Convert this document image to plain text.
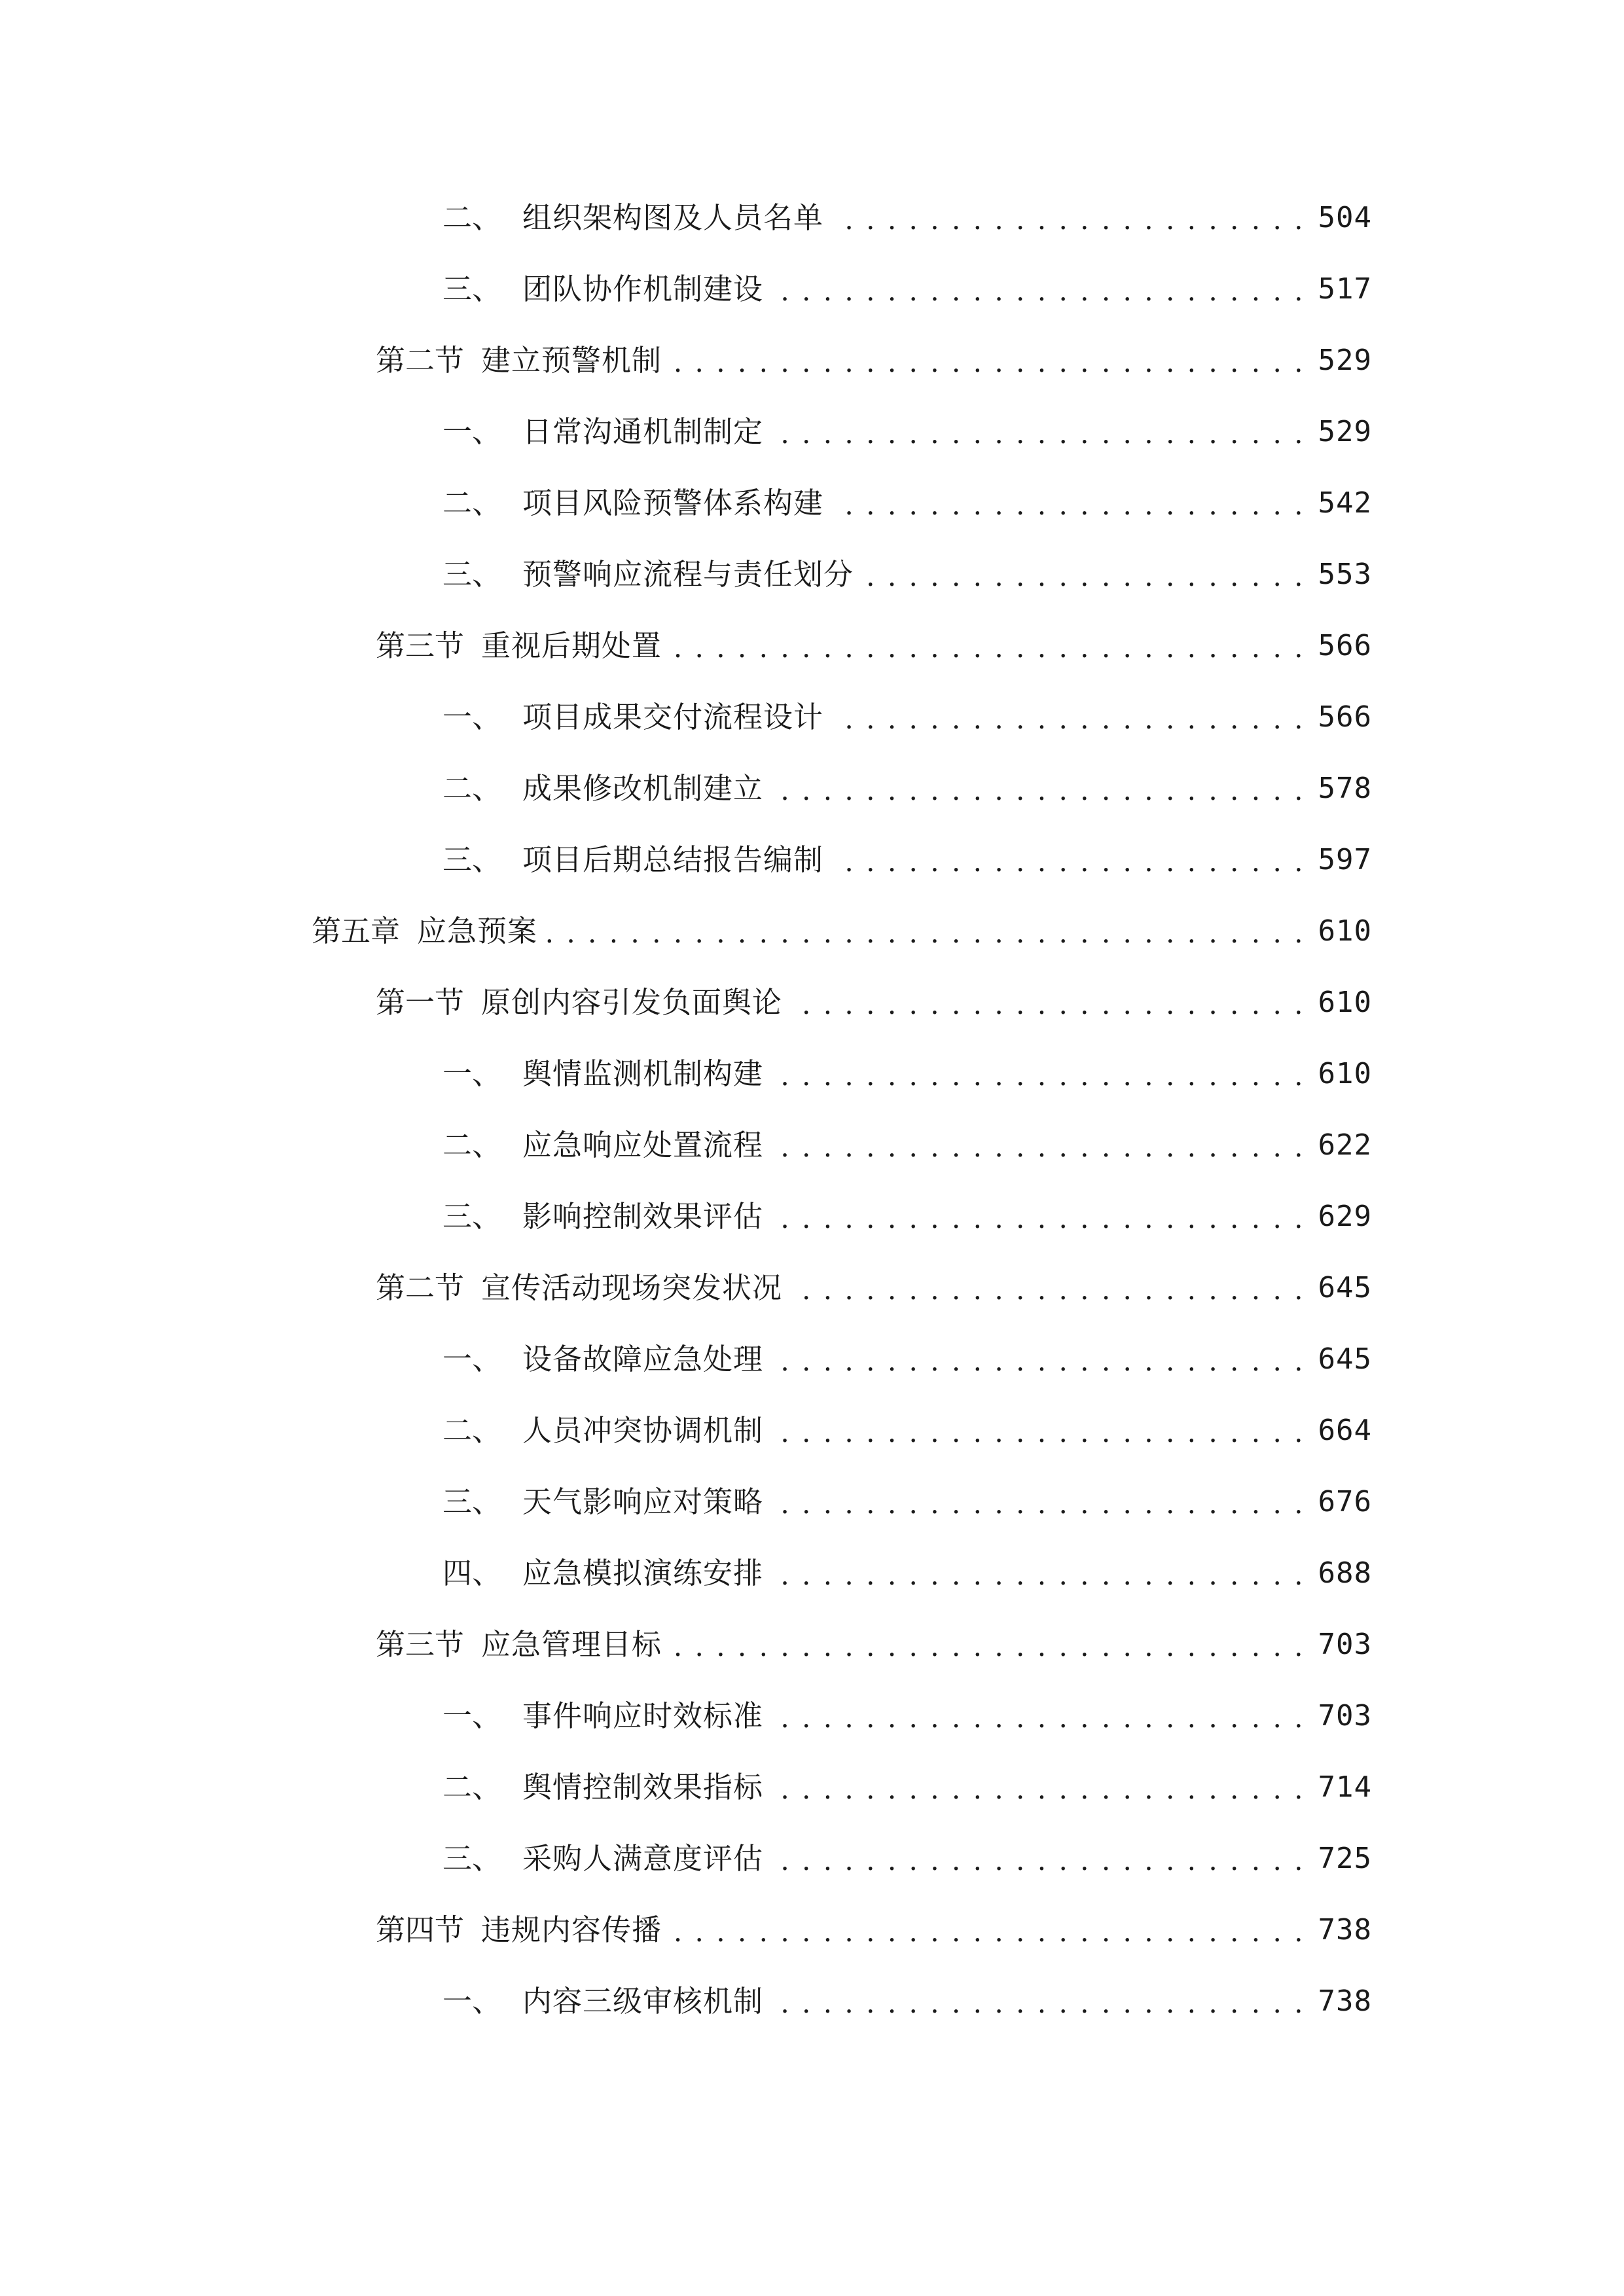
二、 组织架构图及人员名单 . . .	504
三、 团队协作机制建设 . . .	517
第二节 建立预警机制 . . .	529
一、 日常沟通机制制定 . . .	529
二、 项目风险预警体系构建 . . .	542
三、 预警响应流程与责任划分 . . .	553
第三节 重视后期处置 . . .	566
一、 项目成果交付流程设计 . . .	566
二、 成果修改机制建立 . . .	578
三、 项目后期总结报告编制 . . .	597
第五章 应急预案 . . .	610
第一节 原创内容引发负面舆论 . . .	610
一、 舆情监测机制构建 . . .	610
二、 应急响应处置流程 . . .	622
三、 影响控制效果评估 . . .	629
第二节 宣传活动现场突发状况 . . .	645
一、 设备故障应急处理 . . .	645
二、 人员冲突协调机制 . . .	664
三、 天气影响应对策略 . . .	676
四、 应急模拟演练安排 . . .	688
第三节 应急管理目标 . . .	703
一、 事件响应时效标准 . . .	703
二、 舆情控制效果指标 . . .	714
三、 采购人满意度评估 . . .	725
第四节 违规内容传播 . . .	738
一、 内容三级审核机制 . . .	738
